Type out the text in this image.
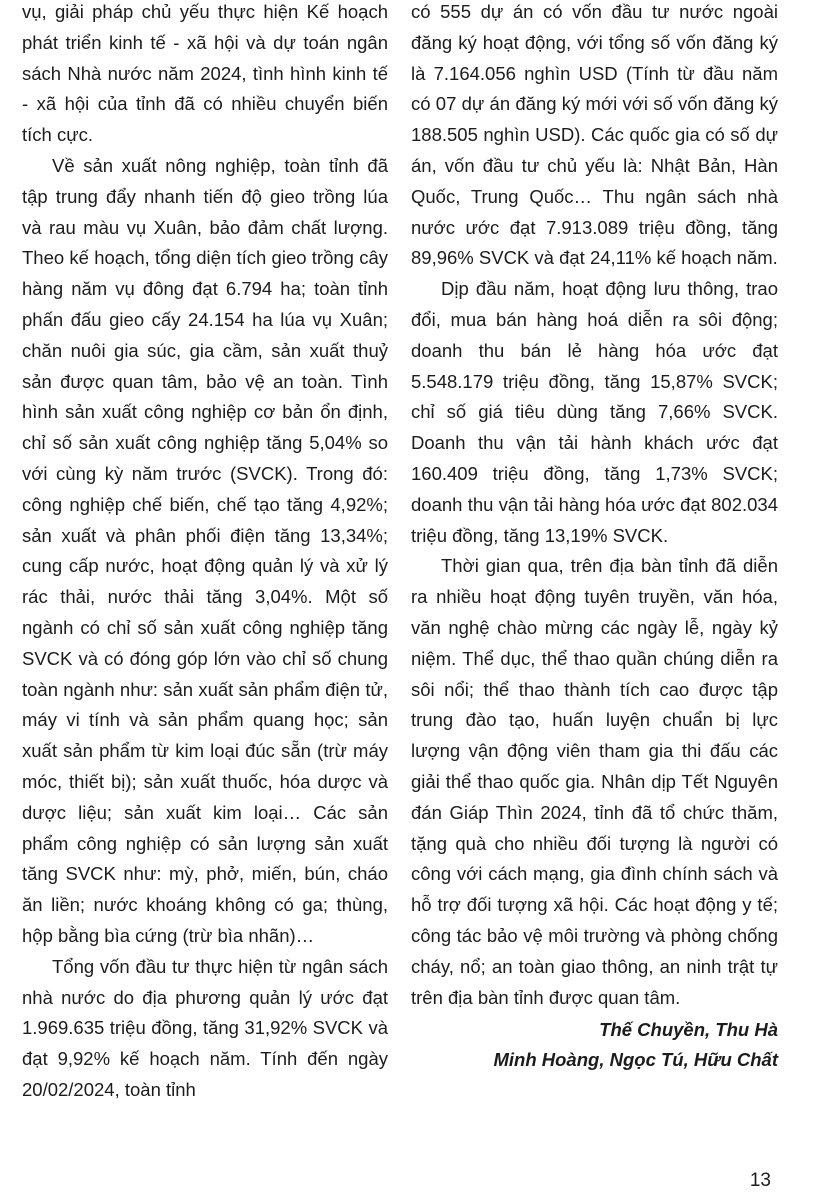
vụ, giải pháp chủ yếu thực hiện Kế hoạch phát triển kinh tế - xã hội và dự toán ngân sách Nhà nước năm 2024, tình hình kinh tế - xã hội của tỉnh đã có nhiều chuyển biến tích cực.

Về sản xuất nông nghiệp, toàn tỉnh đã tập trung đẩy nhanh tiến độ gieo trồng lúa và rau màu vụ Xuân, bảo đảm chất lượng. Theo kế hoạch, tổng diện tích gieo trồng cây hàng năm vụ đông đạt 6.794 ha; toàn tỉnh phấn đấu gieo cấy 24.154 ha lúa vụ Xuân; chăn nuôi gia súc, gia cầm, sản xuất thuỷ sản được quan tâm, bảo vệ an toàn. Tình hình sản xuất công nghiệp cơ bản ổn định, chỉ số sản xuất công nghiệp tăng 5,04% so với cùng kỳ năm trước (SVCK). Trong đó: công nghiệp chế biến, chế tạo tăng 4,92%; sản xuất và phân phối điện tăng 13,34%; cung cấp nước, hoạt động quản lý và xử lý rác thải, nước thải tăng 3,04%. Một số ngành có chỉ số sản xuất công nghiệp tăng SVCK và có đóng góp lớn vào chỉ số chung toàn ngành như: sản xuất sản phẩm điện tử, máy vi tính và sản phẩm quang học; sản xuất sản phẩm từ kim loại đúc sẵn (trừ máy móc, thiết bị); sản xuất thuốc, hóa dược và dược liệu; sản xuất kim loại… Các sản phẩm công nghiệp có sản lượng sản xuất tăng SVCK như: mỳ, phở, miến, bún, cháo ăn liền; nước khoáng không có ga; thùng, hộp bằng bìa cứng (trừ bìa nhãn)…

Tổng vốn đầu tư thực hiện từ ngân sách nhà nước do địa phương quản lý ước đạt 1.969.635 triệu đồng, tăng 31,92% SVCK và đạt 9,92% kế hoạch năm. Tính đến ngày 20/02/2024, toàn tỉnh

có 555 dự án có vốn đầu tư nước ngoài đăng ký hoạt động, với tổng số vốn đăng ký là 7.164.056 nghìn USD (Tính từ đầu năm có 07 dự án đăng ký mới với số vốn đăng ký 188.505 nghìn USD). Các quốc gia có số dự án, vốn đầu tư chủ yếu là: Nhật Bản, Hàn Quốc, Trung Quốc… Thu ngân sách nhà nước ước đạt 7.913.089 triệu đồng, tăng 89,96% SVCK và đạt 24,11% kế hoạch năm.

Dịp đầu năm, hoạt động lưu thông, trao đổi, mua bán hàng hoá diễn ra sôi động; doanh thu bán lẻ hàng hóa ước đạt 5.548.179 triệu đồng, tăng 15,87% SVCK; chỉ số giá tiêu dùng tăng 7,66% SVCK. Doanh thu vận tải hành khách ước đạt 160.409 triệu đồng, tăng 1,73% SVCK; doanh thu vận tải hàng hóa ước đạt 802.034 triệu đồng, tăng 13,19% SVCK.

Thời gian qua, trên địa bàn tỉnh đã diễn ra nhiều hoạt động tuyên truyền, văn hóa, văn nghệ chào mừng các ngày lễ, ngày kỷ niệm. Thể dục, thể thao quần chúng diễn ra sôi nổi; thể thao thành tích cao được tập trung đào tạo, huấn luyện chuẩn bị lực lượng vận động viên tham gia thi đấu các giải thể thao quốc gia. Nhân dịp Tết Nguyên đán Giáp Thìn 2024, tỉnh đã tổ chức thăm, tặng quà cho nhiều đối tượng là người có công với cách mạng, gia đình chính sách và hỗ trợ đối tượng xã hội. Các hoạt động y tế; công tác bảo vệ môi trường và phòng chống cháy, nổ; an toàn giao thông, an ninh trật tự trên địa bàn tỉnh được quan tâm.

Thế Chuyền, Thu Hà
Minh Hoàng, Ngọc Tú, Hữu Chất
13
